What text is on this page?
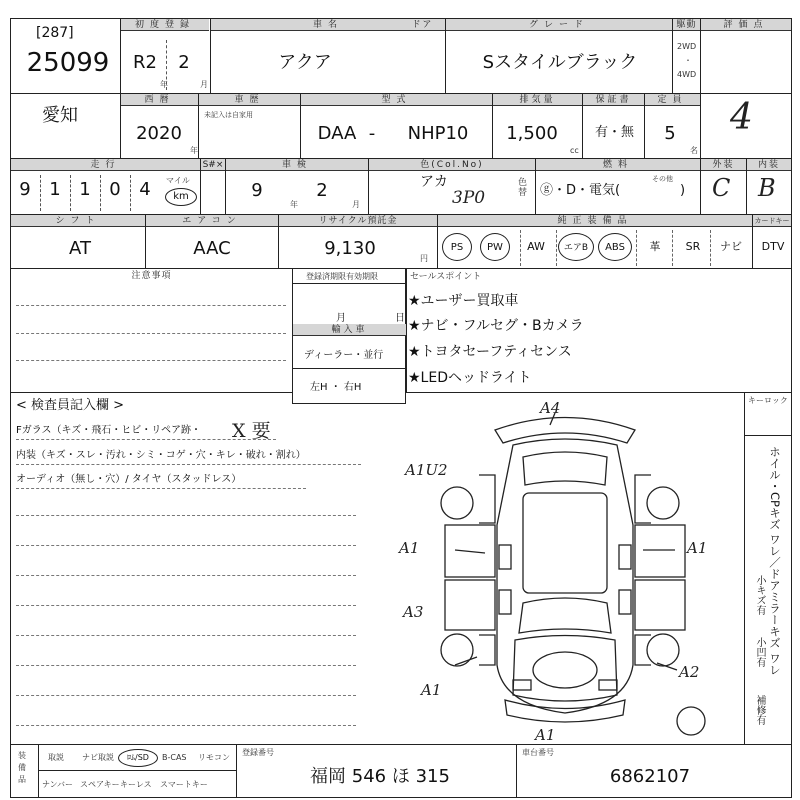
[287]
25099
初度登録
R2	2
年	月
車名
アクア
ドア	グレード
Sスタイルブラック
駆動
2WD
・
4WD
評価点
4
愛知
西暦
2020
年
車歴
未記入は自家用
型式
DAA -	NHP10
排気量
1,500
cc
保証書
有・無
定員
5
名
走行
9 1 1 0 4	マイル
km
S#×	車検
9
年
2
月
色(Col.No)
アカ
3P0
色替
燃料
ⓖ・D・電気(
その他
)
外装
C
内装
B
シフト
AT
エアコン
AAC
リサイクル預託金
9,130	円
純正装備品	カードキー
PS	PW	AW	エアB	ABS	革	SR	ナビ	DTV
注意事項	登録済期限有効期限
月	日
輸入車
ディーラー・並行
左H ・ 右H
セールスポイント
★ユーザー買取車
★ナビ・フルセグ・Bカメラ
★トヨタセーフティセンス
★LEDヘッドライト
< 検査員記入欄 >
Fガラス（キズ・飛石・ヒビ・リペア跡・ X 要
内装（キズ・スレ・汚れ・シミ・コゲ・穴・キレ・破れ・割れ）
オーディオ（無し・穴）/ タイヤ（スタッドレス）
キーロック
ホイル・CPキズ ワレ／ドアミラーキズ ワレ
小キズ有
小凹有
補修有
A4
A1U2
A1	A1
A3
A2
A1
A1
装備品
取説 ナビ取説	ﾛﾑ/SD	B-CAS リモコン
ナンバー スペアキー キーレス スマートキー
登録番号
福岡 546 ほ 315
車台番号
6862107
